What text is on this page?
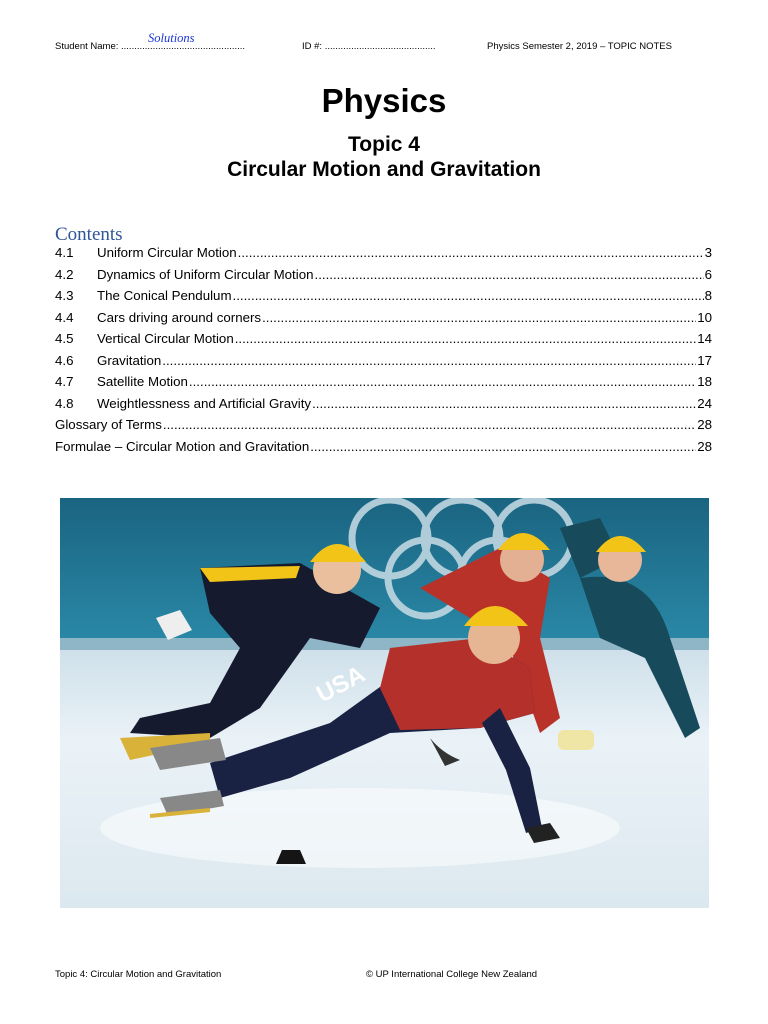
Student Name: ...............................................	ID #: ..........................................	Physics Semester 2, 2019 – TOPIC NOTES
Solutions
Physics
Topic 4
Circular Motion and Gravitation
Contents
4.1	Uniform Circular Motion .....	3
4.2	Dynamics of Uniform Circular Motion .....	6
4.3	The Conical Pendulum .....	8
4.4	Cars driving around corners .....	10
4.5	Vertical Circular Motion .....	14
4.6	Gravitation .....	17
4.7	Satellite Motion .....	18
4.8	Weightlessness and Artificial Gravity .....	24
Glossary of Terms .....	28
Formulae – Circular Motion and Gravitation .....	28
USA
Topic 4: Circular Motion and Gravitation	© UP International College New Zealand
